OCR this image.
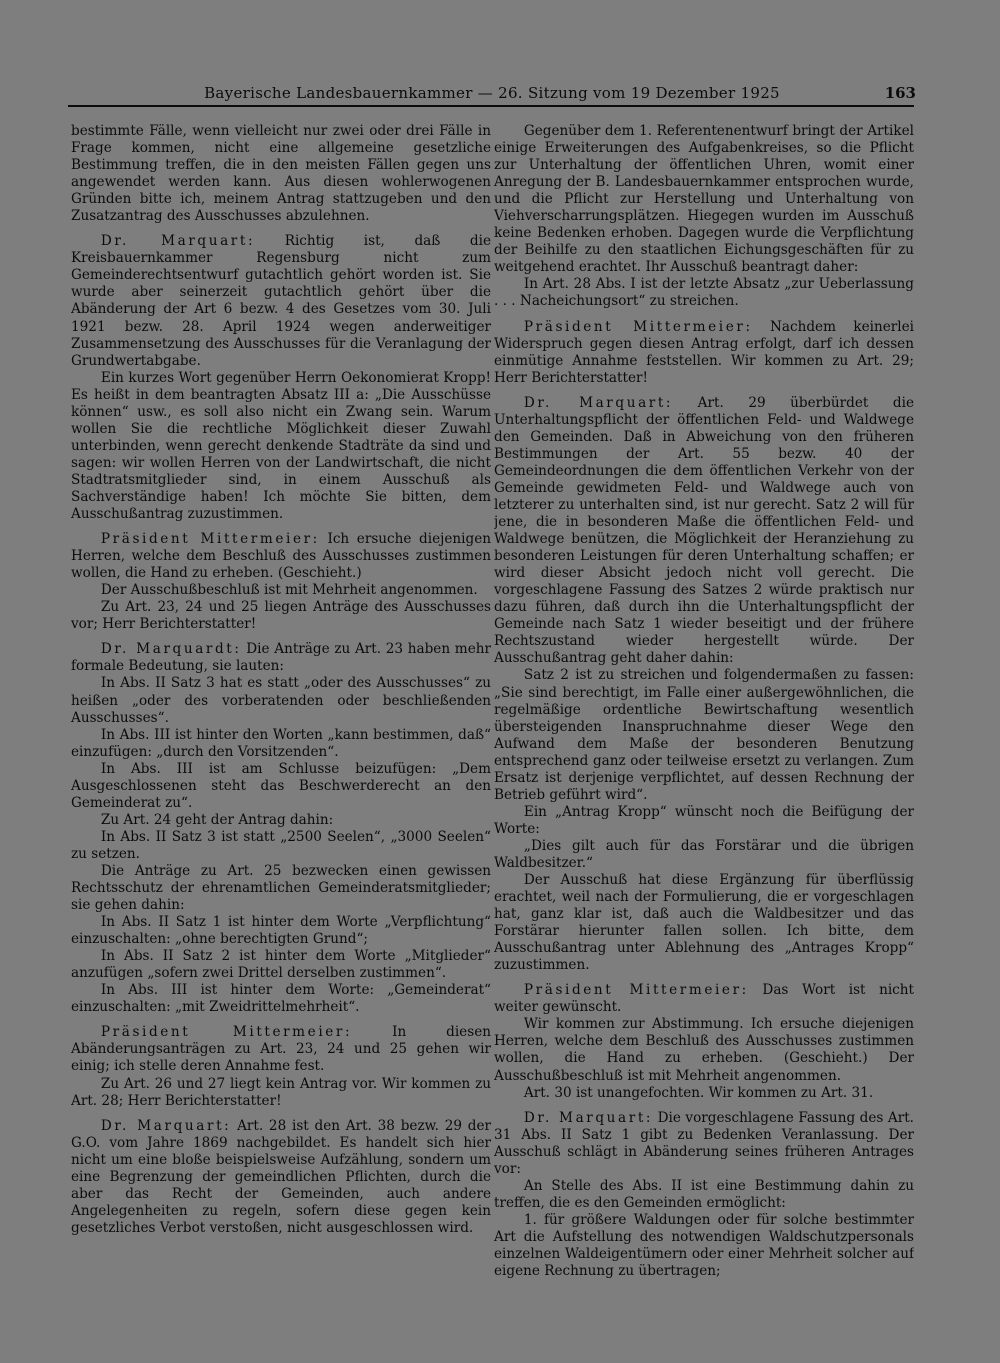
Bayerische Landesbauernkammer — 26. Sitzung vom 19 Dezember 1925	163

bestimmte Fälle, wenn vielleicht nur zwei oder drei Fälle in Frage kommen, nicht eine allgemeine gesetzliche Bestimmung treffen, die in den meisten Fällen gegen uns angewendet werden kann. Aus diesen wohlerwogenen Gründen bitte ich, meinem Antrag stattzugeben und den Zusatzantrag des Ausschusses abzulehnen.

Dr. Marquart: Richtig ist, daß die Kreisbauernkammer Regensburg nicht zum Gemeinderechtsentwurf gutachtlich gehört worden ist. Sie wurde aber seinerzeit gutachtlich gehört über die Abänderung der Art 6 bezw. 4 des Gesetzes vom 30. Juli 1921 bezw. 28. April 1924 wegen anderweitiger Zusammensetzung des Ausschusses für die Veranlagung der Grundwertabgabe.

Ein kurzes Wort gegenüber Herrn Oekonomierat Kropp! Es heißt in dem beantragten Absatz III a: „Die Ausschüsse können“ usw., es soll also nicht ein Zwang sein. Warum wollen Sie die rechtliche Möglichkeit dieser Zuwahl unterbinden, wenn gerecht denkende Stadträte da sind und sagen: wir wollen Herren von der Landwirtschaft, die nicht Stadtratsmitglieder sind, in einem Ausschuß als Sachverständige haben! Ich möchte Sie bitten, dem Ausschußantrag zuzustimmen.

Präsident Mittermeier: Ich ersuche diejenigen Herren, welche dem Beschluß des Ausschusses zustimmen wollen, die Hand zu erheben. (Geschieht.)

Der Ausschußbeschluß ist mit Mehrheit angenommen.

Zu Art. 23, 24 und 25 liegen Anträge des Ausschusses vor; Herr Berichterstatter!

Dr. Marquardt: Die Anträge zu Art. 23 haben mehr formale Bedeutung, sie lauten:

In Abs. II Satz 3 hat es statt „oder des Ausschusses“ zu heißen „oder des vorberatenden oder beschließenden Ausschusses“.

In Abs. III ist hinter den Worten „kann bestimmen, daß“ einzufügen: „durch den Vorsitzenden“.

In Abs. III ist am Schlusse beizufügen: „Dem Ausgeschlossenen steht das Beschwerderecht an den Gemeinderat zu“.

Zu Art. 24 geht der Antrag dahin:

In Abs. II Satz 3 ist statt „2500 Seelen“, „3000 Seelen“ zu setzen.

Die Anträge zu Art. 25 bezwecken einen gewissen Rechtsschutz der ehrenamtlichen Gemeinderatsmitglieder; sie gehen dahin:

In Abs. II Satz 1 ist hinter dem Worte „Verpflichtung“ einzuschalten: „ohne berechtigten Grund“;

In Abs. II Satz 2 ist hinter dem Worte „Mitglieder“ anzufügen „sofern zwei Drittel derselben zustimmen“.

In Abs. III ist hinter dem Worte: „Gemeinderat“ einzuschalten: „mit Zweidrittelmehrheit“.

Präsident Mittermeier: In diesen Abänderungsanträgen zu Art. 23, 24 und 25 gehen wir einig; ich stelle deren Annahme fest.

Zu Art. 26 und 27 liegt kein Antrag vor. Wir kommen zu Art. 28; Herr Berichterstatter!

Dr. Marquart: Art. 28 ist den Art. 38 bezw. 29 der G.O. vom Jahre 1869 nachgebildet. Es handelt sich hier nicht um eine bloße beispielsweise Aufzählung, sondern um eine Begrenzung der gemeindlichen Pflichten, durch die aber das Recht der Gemeinden, auch andere Angelegenheiten zu regeln, sofern diese gegen kein gesetzliches Verbot verstoßen, nicht ausgeschlossen wird.

Gegenüber dem 1. Referentenentwurf bringt der Artikel einige Erweiterungen des Aufgabenkreises, so die Pflicht zur Unterhaltung der öffentlichen Uhren, womit einer Anregung der B. Landesbauernkammer entsprochen wurde, und die Pflicht zur Herstellung und Unterhaltung von Viehverscharrungsplätzen. Hiegegen wurden im Ausschuß keine Bedenken erhoben. Dagegen wurde die Verpflichtung der Beihilfe zu den staatlichen Eichungsgeschäften für zu weitgehend erachtet. Ihr Ausschuß beantragt daher:

In Art. 28 Abs. I ist der letzte Absatz „zur Ueberlassung . . . Nacheichungsort“ zu streichen.

Präsident Mittermeier: Nachdem keinerlei Widerspruch gegen diesen Antrag erfolgt, darf ich dessen einmütige Annahme feststellen. Wir kommen zu Art. 29; Herr Berichterstatter!

Dr. Marquart: Art. 29 überbürdet die Unterhaltungspflicht der öffentlichen Feld- und Waldwege den Gemeinden. Daß in Abweichung von den früheren Bestimmungen der Art. 55 bezw. 40 der Gemeindeordnungen die dem öffentlichen Verkehr von der Gemeinde gewidmeten Feld- und Waldwege auch von letzterer zu unterhalten sind, ist nur gerecht. Satz 2 will für jene, die in besonderen Maße die öffentlichen Feld- und Waldwege benützen, die Möglichkeit der Heranziehung zu besonderen Leistungen für deren Unterhaltung schaffen; er wird dieser Absicht jedoch nicht voll gerecht. Die vorgeschlagene Fassung des Satzes 2 würde praktisch nur dazu führen, daß durch ihn die Unterhaltungspflicht der Gemeinde nach Satz 1 wieder beseitigt und der frühere Rechtszustand wieder hergestellt würde. Der Ausschußantrag geht daher dahin:

Satz 2 ist zu streichen und folgendermaßen zu fassen: „Sie sind berechtigt, im Falle einer außergewöhnlichen, die regelmäßige ordentliche Bewirtschaftung wesentlich übersteigenden Inanspruchnahme dieser Wege den Aufwand dem Maße der besonderen Benutzung entsprechend ganz oder teilweise ersetzt zu verlangen. Zum Ersatz ist derjenige verpflichtet, auf dessen Rechnung der Betrieb geführt wird“.

Ein „Antrag Kropp“ wünscht noch die Beifügung der Worte:

„Dies gilt auch für das Forstärar und die übrigen Waldbesitzer.“

Der Ausschuß hat diese Ergänzung für überflüssig erachtet, weil nach der Formulierung, die er vorgeschlagen hat, ganz klar ist, daß auch die Waldbesitzer und das Forstärar hierunter fallen sollen. Ich bitte, dem Ausschußantrag unter Ablehnung des „Antrages Kropp“ zuzustimmen.

Präsident Mittermeier: Das Wort ist nicht weiter gewünscht.

Wir kommen zur Abstimmung. Ich ersuche diejenigen Herren, welche dem Beschluß des Ausschusses zustimmen wollen, die Hand zu erheben. (Geschieht.) Der Ausschußbeschluß ist mit Mehrheit angenommen.

Art. 30 ist unangefochten. Wir kommen zu Art. 31.

Dr. Marquart: Die vorgeschlagene Fassung des Art. 31 Abs. II Satz 1 gibt zu Bedenken Veranlassung. Der Ausschuß schlägt in Abänderung seines früheren Antrages vor:

An Stelle des Abs. II ist eine Bestimmung dahin zu treffen, die es den Gemeinden ermöglicht:

1. für größere Waldungen oder für solche bestimmter Art die Aufstellung des notwendigen Waldschutzpersonals einzelnen Waldeigentümern oder einer Mehrheit solcher auf eigene Rechnung zu übertragen;
